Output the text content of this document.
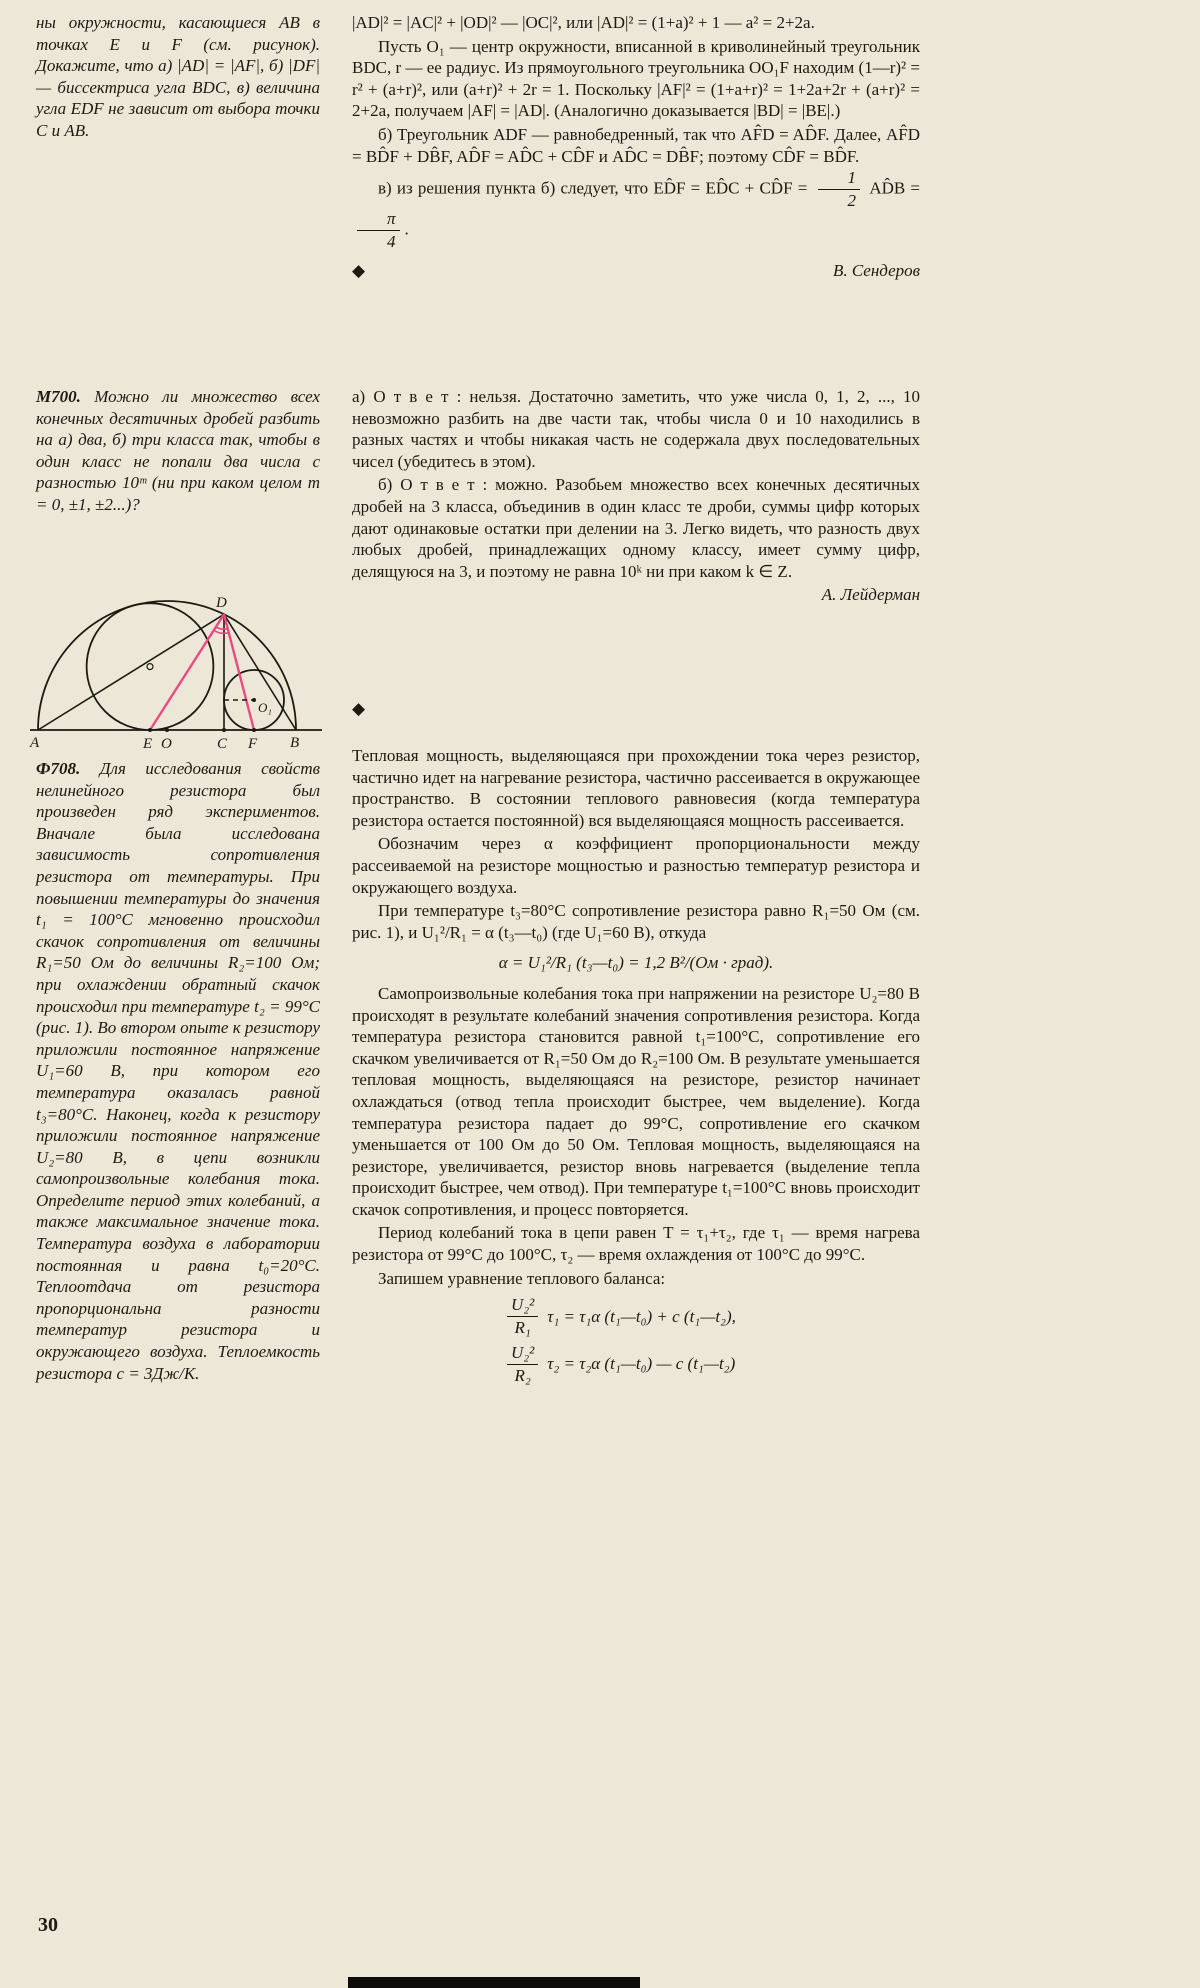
ны окружности, касающиеся АВ в точках Е и F (см. рисунок). Докажите, что а) |AD| = |AF|, б) |DF| — биссектриса угла BDC, в) величина угла EDF не зависит от выбора точки С и АВ.

М700. Можно ли множество всех конечных десятичных дробей разбить на а) два, б) три класса так, чтобы в один класс не попали два числа с разностью 10ᵐ (ни при каком целом m = 0, ±1, ±2...)?

A	E O	C F B
D
O₁

Ф708. Для исследования свойств нелинейного резистора был произведен ряд экспериментов. Вначале была исследована зависимость сопротивления резистора от температуры. При повышении температуры до значения t₁ = 100°С мгновенно происходил скачок сопротивления от величины R₁=50 Ом до величины R₂=100 Ом; при охлаждении обратный скачок происходил при температуре t₂ = 99°С (рис. 1). Во втором опыте к резистору приложили постоянное напряжение U₁=60 В, при котором его температура оказалась равной t₃=80°С. Наконец, когда к резистору приложили постоянное напряжение U₂=80 В, в цепи возникли самопроизвольные колебания тока. Определите период этих колебаний, а также максимальное значение тока. Температура воздуха в лаборатории постоянная и равна t₀=20°С. Теплоотдача от резистора пропорциональна разности температур резистора и окружающего воздуха. Теплоемкость резистора с = 3Дж/К.

|AD|² = |AC|² + |OD|² — |OC|², или |AD|² = (1+a)² + 1 — a² = 2+2a.

Пусть O₁ — центр окружности, вписанной в криволинейный треугольник BDC, r — ее радиус. Из прямоугольного треугольника OO₁F находим (1—r)² = r² + (a+r)², или (a+r)² + 2r = 1. Поскольку |AF|² = (1+a+r)² = 1+2a+2r + (a+r)² = 2+2a, получаем |AF| = |AD|. (Аналогично доказывается |BD| = |BE|.)

б) Треугольник ADF — равнобедренный, так что AF̂D = AD̂F. Далее, AF̂D = BD̂F + DB̂F, AD̂F = AD̂C + CD̂F и AD̂C = DB̂F; поэтому CD̂F = BD̂F.

в) из решения пункта б) следует, что ED̂F = ED̂C + CD̂F = $\frac{1}{2}$ AD̂B =
$\frac{\pi}{4}$ .

◆	В. Сендеров

а) О т в е т : нельзя. Достаточно заметить, что уже числа 0, 1, 2, ..., 10 невозможно разбить на две части так, чтобы числа 0 и 10 находились в разных частях и чтобы никакая часть не содержала двух последовательных чисел (убедитесь в этом).

б) О т в е т : можно. Разобьем множество всех конечных десятичных дробей на 3 класса, объединив в один класс те дроби, суммы цифр которых дают одинаковые остатки при делении на 3. Легко видеть, что разность двух любых дробей, принадлежащих одному классу, имеет сумму цифр, делящуюся на 3, и поэтому не равна 10ᵏ ни при каком k ∈ Z.

А. Лейдерман

◆

Тепловая мощность, выделяющаяся при прохождении тока через резистор, частично идет на нагревание резистора, частично рассеивается в окружающее пространство. В состоянии теплового равновесия (когда температура резистора остается постоянной) вся выделяющаяся мощность рассеивается.

Обозначим через α коэффициент пропорциональности между рассеиваемой на резисторе мощностью и разностью температур резистора и окружающего воздуха.

При температуре t₃=80°С сопротивление резистора равно R₁=50 Ом (см. рис. 1), и U₁²/R₁ = α (t₃—t₀) (где U₁=60 В), откуда

α = U₁²/R₁ (t₃—t₀) = 1,2 В²/(Ом · град).

Самопроизвольные колебания тока при напряжении на резисторе U₂=80 В происходят в результате колебаний значения сопротивления резистора. Когда температура резистора становится равной t₁=100°С, сопротивление его скачком увеличивается от R₁=50 Ом до R₂=100 Ом. В результате уменьшается тепловая мощность, выделяющаяся на резисторе, резистор начинает охлаждаться (отвод тепла происходит быстрее, чем выделение). Когда температура резистора падает до 99°С, сопротивление его скачком уменьшается от 100 Ом до 50 Ом. Тепловая мощность, выделяющаяся на резисторе, увеличивается, резистор вновь нагревается (выделение тепла происходит быстрее, чем отвод). При температуре t₁=100°С вновь происходит скачок сопротивления, и процесс повторяется.

Период колебаний тока в цепи равен T = τ₁+τ₂, где τ₁ — время нагрева резистора от 99°С до 100°С, τ₂ — время охлаждения от 100°С до 99°С.

Запишем уравнение теплового баланса:

$\frac{\text{U₂²}}{\text{R₁}} \tau_1 = \tau_1\alpha$ (t₁—t₀) + c (t₁—t₂),
$\frac{\text{U₂²}}{\text{R₂}} \tau_2 = \tau_2\alpha$ (t₁—t₀) — c (t₁—t₂)
30
